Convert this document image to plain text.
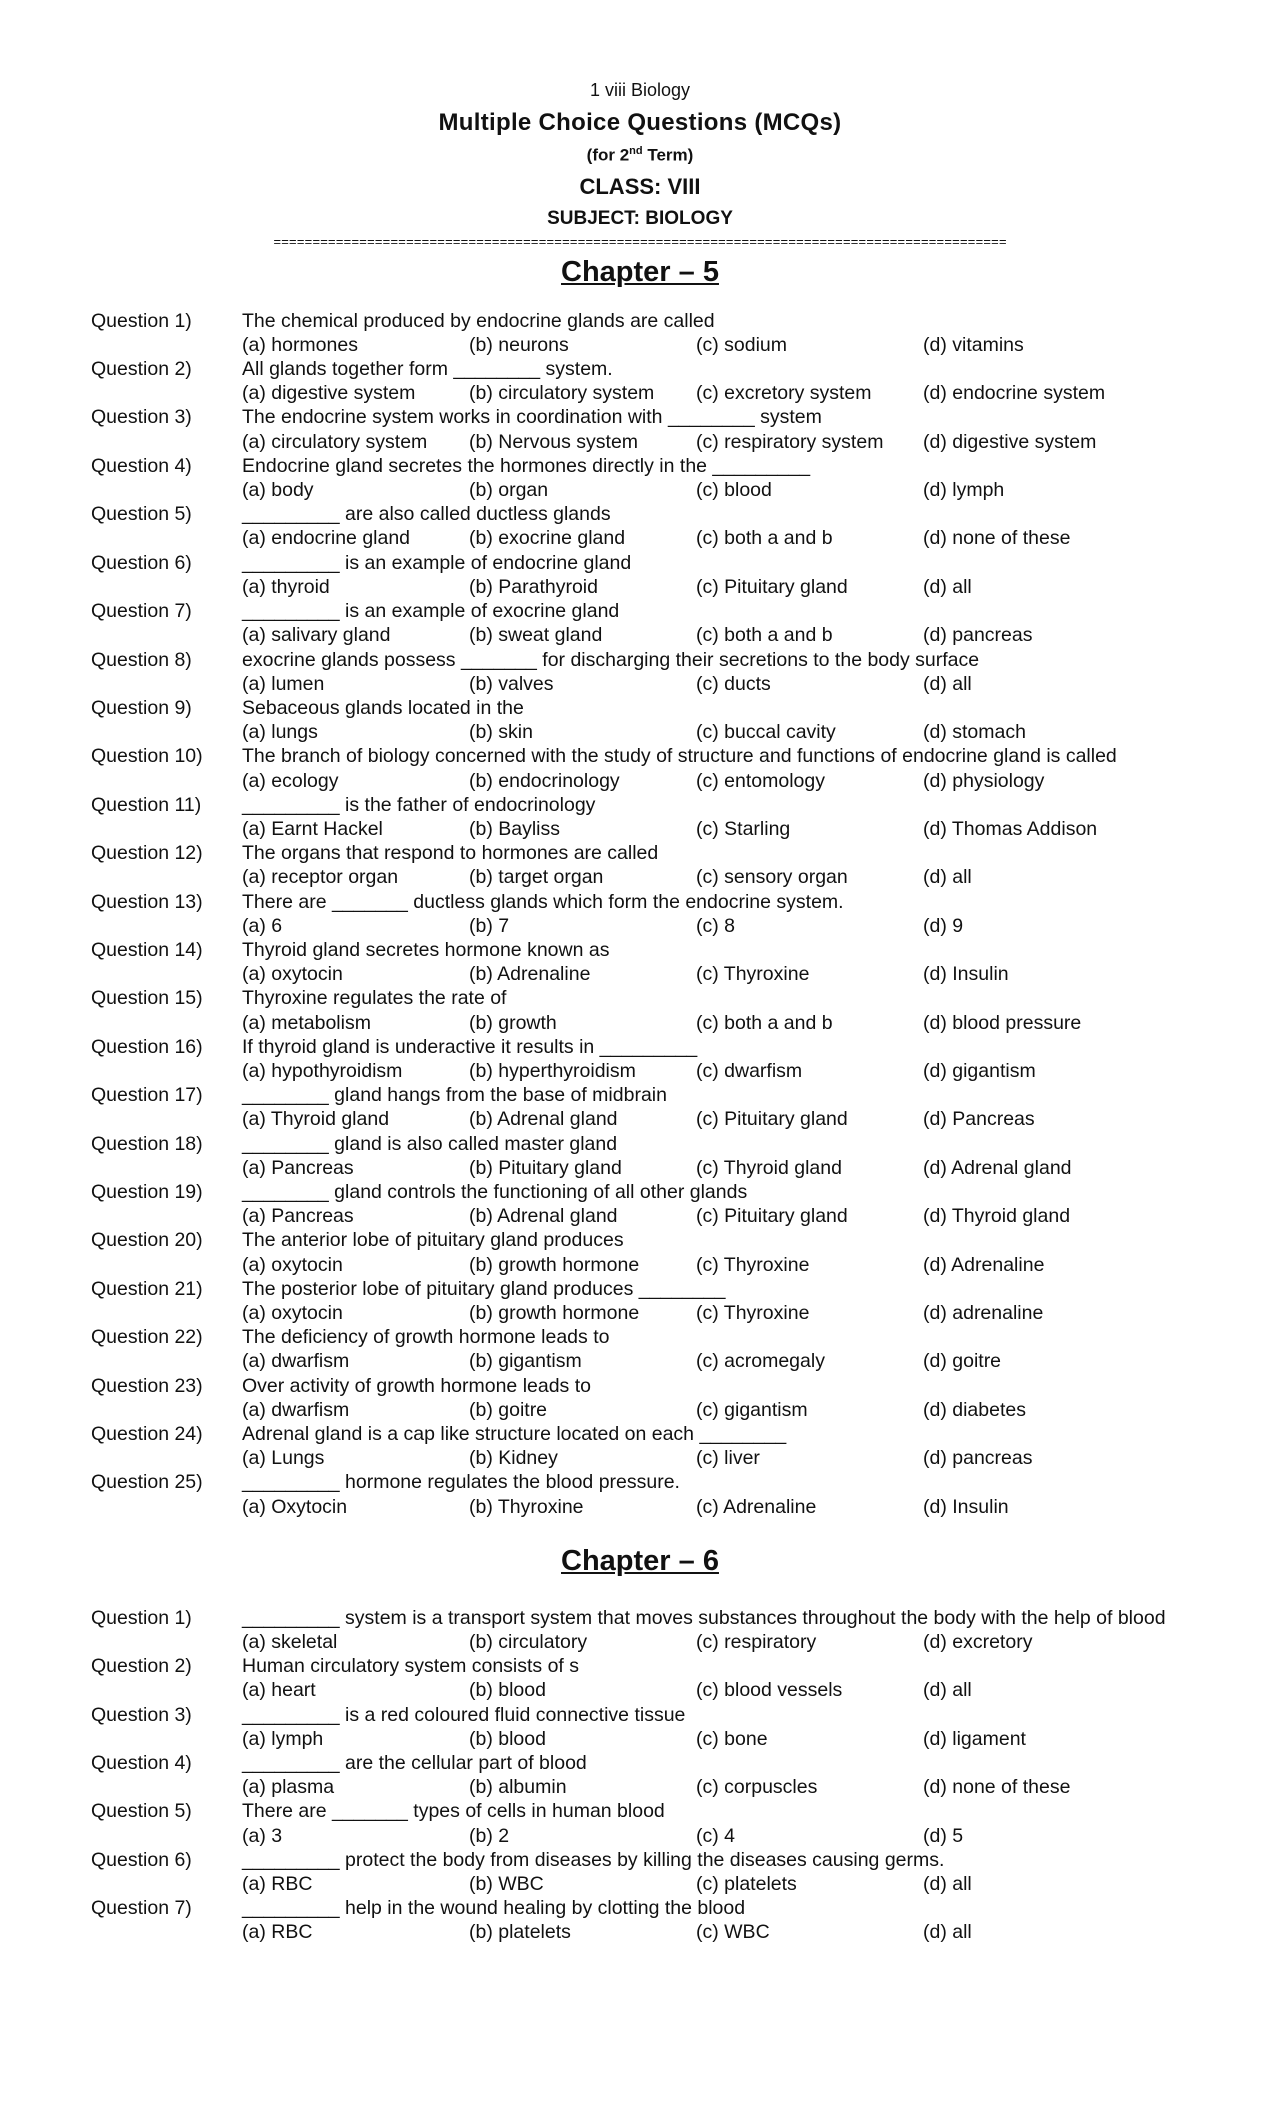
1 viii Biology
Multiple Choice Questions (MCQs)
(for 2nd Term)
CLASS: VIII
SUBJECT: BIOLOGY
==============================================================================================
Chapter – 5
Question 1)	The chemical produced by endocrine glands are called
(a) hormones	(b) neurons	(c) sodium	(d) vitamins
Question 2)	All glands together form ________ system.
(a) digestive system	(b) circulatory system	(c) excretory system	(d) endocrine system
Question 3)	The endocrine system works in coordination with ________ system
(a) circulatory system	(b) Nervous system	(c) respiratory system	(d) digestive system
Question 4)	Endocrine gland secretes the hormones directly in the _________
(a) body	(b) organ	(c) blood	(d) lymph
Question 5)	_________ are also called ductless glands
(a) endocrine gland	(b) exocrine gland	(c) both a and b	(d) none of these
Question 6)	_________ is an example of endocrine gland
(a) thyroid	(b) Parathyroid	(c) Pituitary gland	(d) all
Question 7)	_________ is an example of exocrine gland
(a) salivary gland	(b) sweat gland	(c) both a and b	(d) pancreas
Question 8)	exocrine glands possess _______ for discharging their secretions to the body surface
(a) lumen	(b) valves	(c) ducts	(d) all
Question 9)	Sebaceous glands located in the
(a) lungs	(b) skin	(c) buccal cavity	(d) stomach
Question 10)	The branch of biology concerned with the study of structure and functions of endocrine gland is called
(a) ecology	(b) endocrinology	(c) entomology	(d) physiology
Question 11)	_________ is the father of endocrinology
(a) Earnt Hackel	(b) Bayliss	(c) Starling	(d) Thomas Addison
Question 12)	The organs that respond to hormones are called
(a) receptor organ	(b) target organ	(c) sensory organ	(d) all
Question 13)	There are _______ ductless glands which form the endocrine system.
(a) 6	(b) 7	(c) 8	(d) 9
Question 14)	Thyroid gland secretes hormone known as
(a) oxytocin	(b) Adrenaline	(c) Thyroxine	(d) Insulin
Question 15)	Thyroxine regulates the rate of
(a) metabolism	(b) growth	(c) both a and b	(d) blood pressure
Question 16)	If thyroid gland is underactive it results in _________
(a) hypothyroidism	(b) hyperthyroidism	(c) dwarfism	(d) gigantism
Question 17)	________ gland hangs from the base of midbrain
(a) Thyroid gland	(b) Adrenal gland	(c) Pituitary gland	(d) Pancreas
Question 18)	________ gland is also called master gland
(a) Pancreas	(b) Pituitary gland	(c) Thyroid gland	(d) Adrenal gland
Question 19)	________ gland controls the functioning of all other glands
(a) Pancreas	(b) Adrenal gland	(c) Pituitary gland	(d) Thyroid gland
Question 20)	The anterior lobe of pituitary gland produces
(a) oxytocin	(b) growth hormone	(c) Thyroxine	(d) Adrenaline
Question 21)	The posterior lobe of pituitary gland produces ________
(a) oxytocin	(b) growth hormone	(c) Thyroxine	(d) adrenaline
Question 22)	The deficiency of growth hormone leads to
(a) dwarfism	(b) gigantism	(c) acromegaly	(d) goitre
Question 23)	Over activity of growth hormone leads to
(a) dwarfism	(b) goitre	(c) gigantism	(d) diabetes
Question 24)	Adrenal gland is a cap like structure located on each ________
(a) Lungs	(b) Kidney	(c) liver	(d) pancreas
Question 25)	_________ hormone regulates the blood pressure.
(a) Oxytocin	(b) Thyroxine	(c) Adrenaline	(d) Insulin
Chapter – 6
Question 1)	_________ system is a transport system that moves substances throughout the body with the help of blood
(a) skeletal	(b) circulatory	(c) respiratory	(d) excretory
Question 2)	Human circulatory system consists of s
(a) heart	(b) blood	(c) blood vessels	(d) all
Question 3)	_________ is a red coloured fluid connective tissue
(a) lymph	(b) blood	(c) bone	(d) ligament
Question 4)	_________ are the cellular part of blood
(a) plasma	(b) albumin	(c) corpuscles	(d) none of these
Question 5)	There are _______ types of cells in human blood
(a) 3	(b) 2	(c) 4	(d) 5
Question 6)	_________ protect the body from diseases by killing the diseases causing germs.
(a) RBC	(b) WBC	(c) platelets	(d) all
Question 7)	_________ help in the wound healing by clotting the blood
(a) RBC	(b) platelets	(c) WBC	(d) all
